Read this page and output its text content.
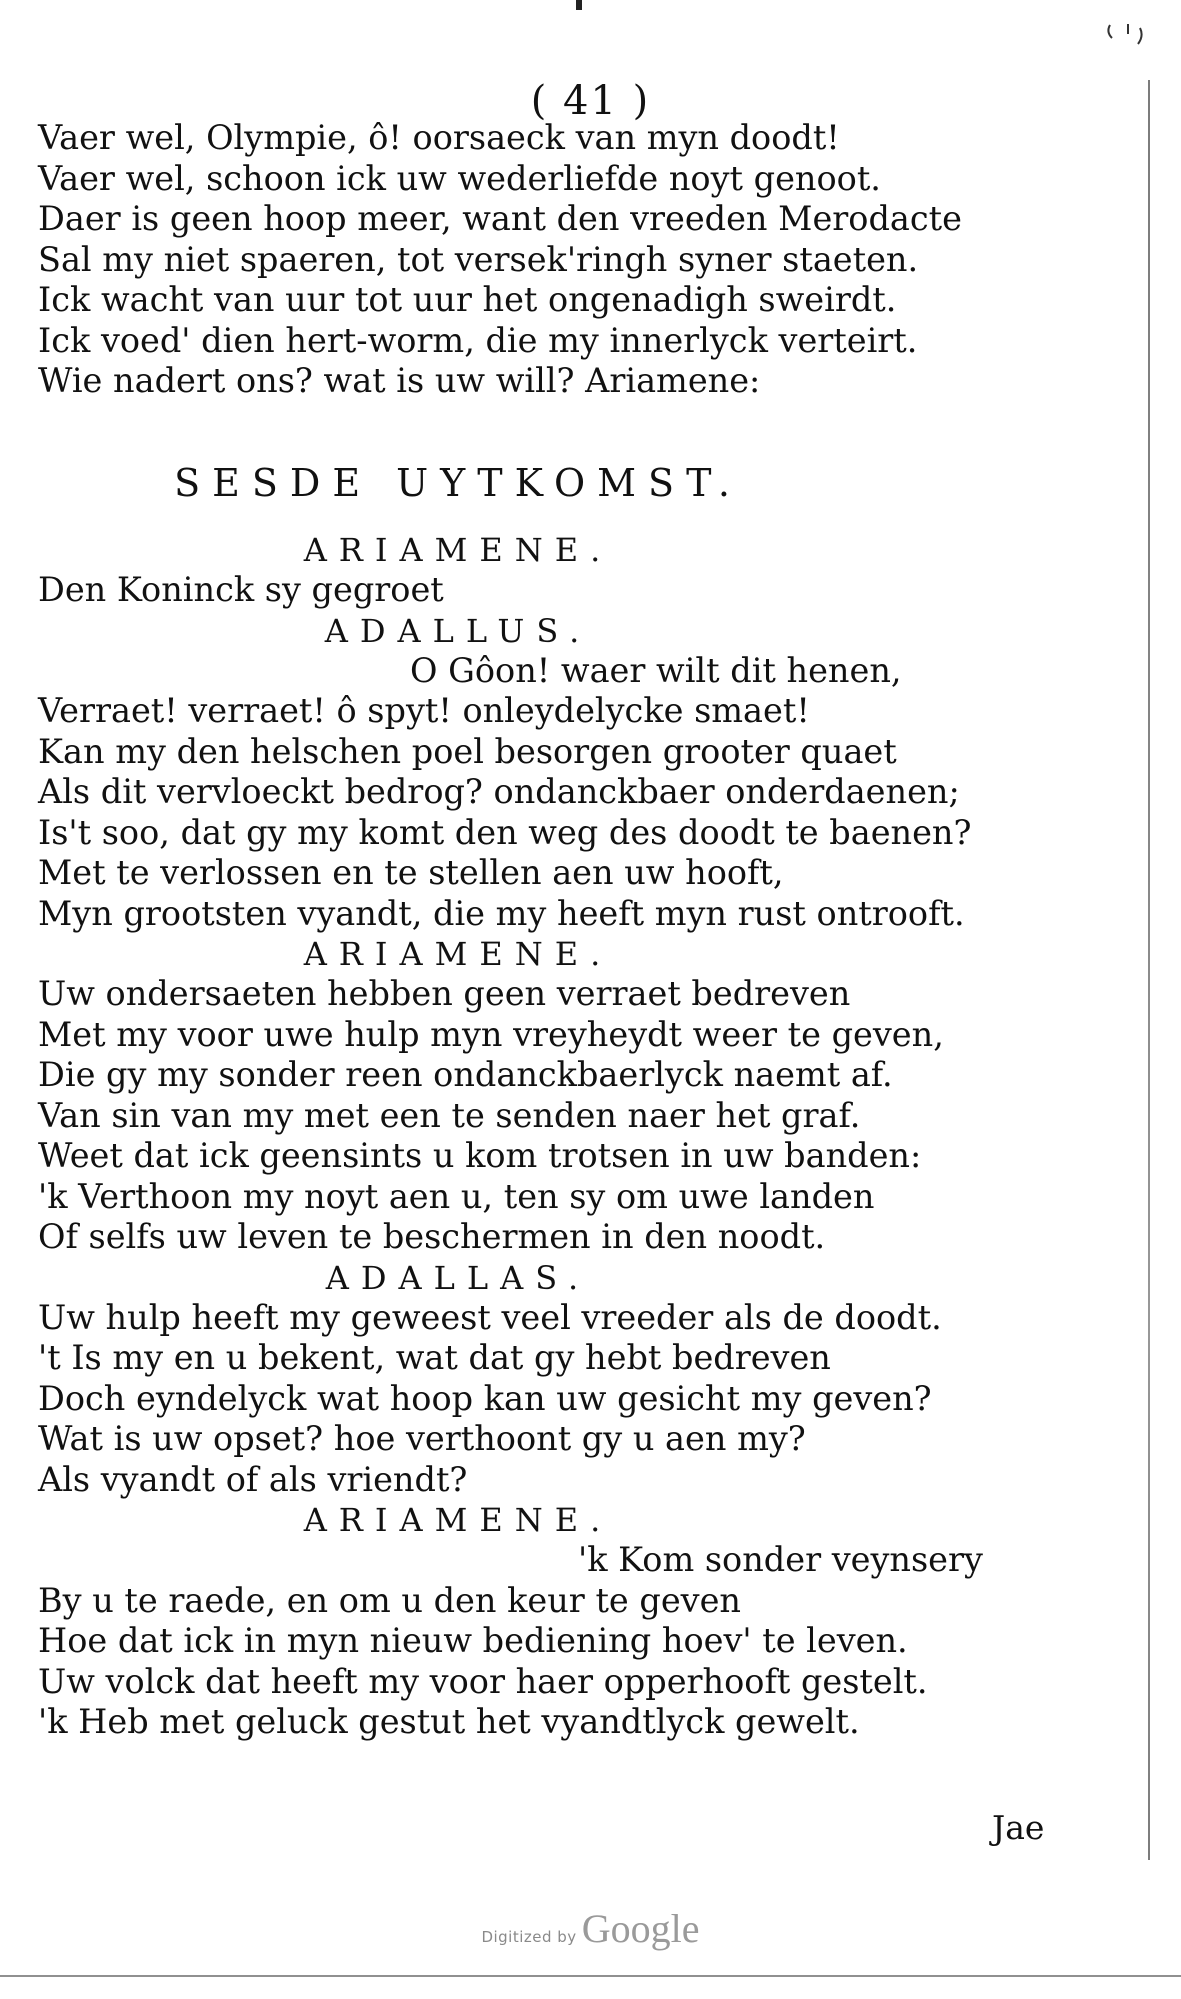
( 41 )
Vaer wel, Olympie, ô! oorsaeck van myn doodt!
Vaer wel, schoon ick uw wederliefde noyt genoot.
Daer is geen hoop meer, want den vreeden Merodacte
Sal my niet spaeren, tot versek'ringh syner staeten.
Ick wacht van uur tot uur het ongenadigh sweirdt.
Ick voed' dien hert-worm, die my innerlyck verteirt.
Wie nadert ons? wat is uw will? Ariamene:
SESDE UYTKOMST.
ARIAMENE.
Den Koninck sy gegroet
ADALLUS.
O Gôon! waer wilt dit henen,
Verraet! verraet! ô spyt! onleydelycke smaet!
Kan my den helschen poel besorgen grooter quaet
Als dit vervloeckt bedrog? ondanckbaer onderdaenen;
Is't soo, dat gy my komt den weg des doodt te baenen?
Met te verlossen en te stellen aen uw hooft,
Myn grootsten vyandt, die my heeft myn rust ontrooft.
ARIAMENE.
Uw ondersaeten hebben geen verraet bedreven
Met my voor uwe hulp myn vreyheydt weer te geven,
Die gy my sonder reen ondanckbaerlyck naemt af.
Van sin van my met een te senden naer het graf.
Weet dat ick geensints u kom trotsen in uw banden:
'k Verthoon my noyt aen u, ten sy om uwe landen
Of selfs uw leven te beschermen in den noodt.
ADALLAS.
Uw hulp heeft my geweest veel vreeder als de doodt.
't Is my en u bekent, wat dat gy hebt bedreven
Doch eyndelyck wat hoop kan uw gesicht my geven?
Wat is uw opset? hoe verthoont gy u aen my?
Als vyandt of als vriendt?
ARIAMENE.
'k Kom sonder veynsery
By u te raede, en om u den keur te geven
Hoe dat ick in myn nieuw bediening hoev' te leven.
Uw volck dat heeft my voor haer opperhooft gestelt.
'k Heb met geluck gestut het vyandtlyck gewelt.
Jae
Digitized by Google
